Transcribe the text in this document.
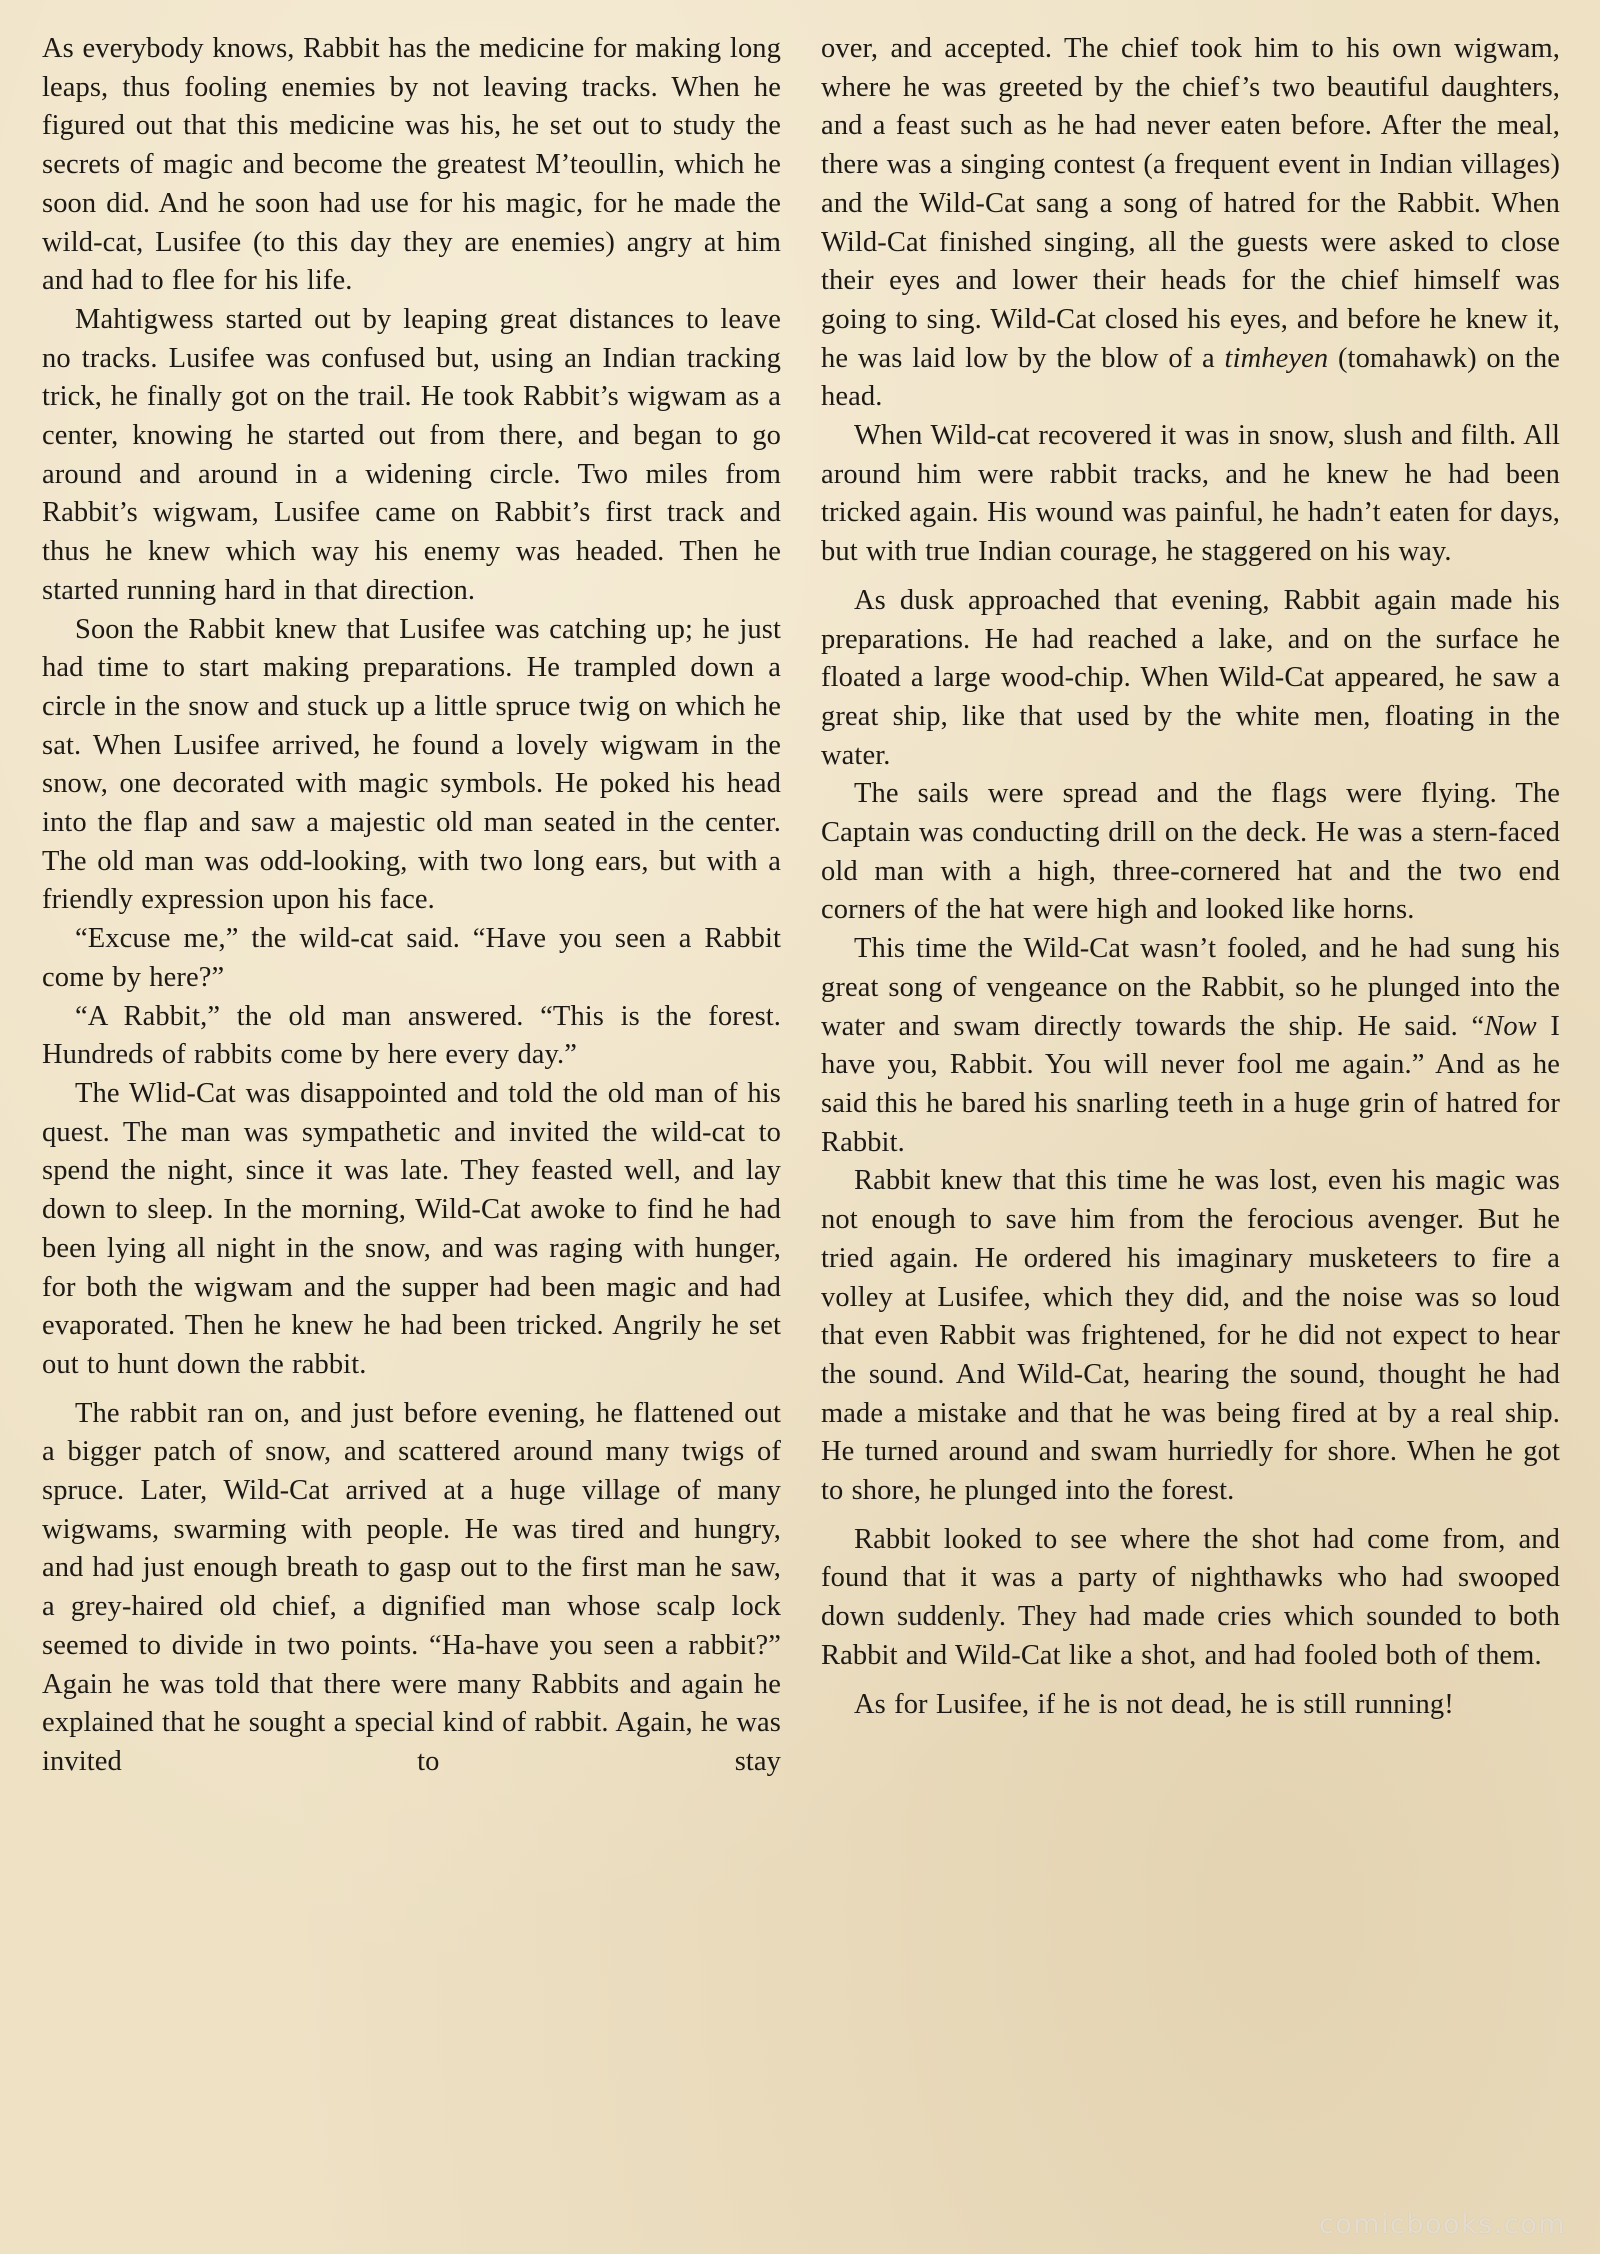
As everybody knows, Rabbit has the medicine for making long leaps, thus fooling enemies by not leaving tracks. When he figured out that this medicine was his, he set out to study the secrets of magic and become the greatest M’teoullin, which he soon did. And he soon had use for his magic, for he made the wild-cat, Lusifee (to this day they are enemies) angry at him and had to flee for his life.

Mahtigwess started out by leaping great distances to leave no tracks. Lusifee was confused but, using an Indian tracking trick, he finally got on the trail. He took Rabbit’s wigwam as a center, knowing he started out from there, and began to go around and around in a widening circle. Two miles from Rabbit’s wigwam, Lusifee came on Rabbit’s first track and thus he knew which way his enemy was headed. Then he started running hard in that direction.

Soon the Rabbit knew that Lusifee was catching up; he just had time to start making preparations. He trampled down a circle in the snow and stuck up a little spruce twig on which he sat. When Lusifee arrived, he found a lovely wigwam in the snow, one decorated with magic symbols. He poked his head into the flap and saw a majestic old man seated in the center. The old man was odd-looking, with two long ears, but with a friendly expression upon his face.

“Excuse me,” the wild-cat said. “Have you seen a Rabbit come by here?”

“A Rabbit,” the old man answered. “This is the forest. Hundreds of rabbits come by here every day.”

The Wlid-Cat was disappointed and told the old man of his quest. The man was sympathetic and invited the wild-cat to spend the night, since it was late. They feasted well, and lay down to sleep. In the morning, Wild-Cat awoke to find he had been lying all night in the snow, and was raging with hunger, for both the wigwam and the supper had been magic and had evaporated. Then he knew he had been tricked. Angrily he set out to hunt down the rabbit.

The rabbit ran on, and just before evening, he flattened out a bigger patch of snow, and scattered around many twigs of spruce. Later, Wild-Cat arrived at a huge village of many wigwams, swarming with people. He was tired and hungry, and had just enough breath to gasp out to the first man he saw, a grey-haired old chief, a dignified man whose scalp lock seemed to divide in two points. “Ha-have you seen a rabbit?” Again he was told that there were many Rabbits and again he explained that he sought a special kind of rabbit. Again, he was invited to stay

over, and accepted. The chief took him to his own wigwam, where he was greeted by the chief’s two beautiful daughters, and a feast such as he had never eaten before. After the meal, there was a singing contest (a frequent event in Indian villages) and the Wild-Cat sang a song of hatred for the Rabbit. When Wild-Cat finished singing, all the guests were asked to close their eyes and lower their heads for the chief himself was going to sing. Wild-Cat closed his eyes, and before he knew it, he was laid low by the blow of a timheyen (tomahawk) on the head.

When Wild-cat recovered it was in snow, slush and filth. All around him were rabbit tracks, and he knew he had been tricked again. His wound was painful, he hadn’t eaten for days, but with true Indian courage, he staggered on his way.

As dusk approached that evening, Rabbit again made his preparations. He had reached a lake, and on the surface he floated a large wood-chip. When Wild-Cat appeared, he saw a great ship, like that used by the white men, floating in the water.

The sails were spread and the flags were flying. The Captain was conducting drill on the deck. He was a stern-faced old man with a high, three-cornered hat and the two end corners of the hat were high and looked like horns.

This time the Wild-Cat wasn’t fooled, and he had sung his great song of vengeance on the Rabbit, so he plunged into the water and swam directly towards the ship. He said. “Now I have you, Rabbit. You will never fool me again.” And as he said this he bared his snarling teeth in a huge grin of hatred for Rabbit.

Rabbit knew that this time he was lost, even his magic was not enough to save him from the ferocious avenger. But he tried again. He ordered his imaginary musketeers to fire a volley at Lusifee, which they did, and the noise was so loud that even Rabbit was frightened, for he did not expect to hear the sound. And Wild-Cat, hearing the sound, thought he had made a mistake and that he was being fired at by a real ship. He turned around and swam hurriedly for shore. When he got to shore, he plunged into the forest.

Rabbit looked to see where the shot had come from, and found that it was a party of nighthawks who had swooped down suddenly. They had made cries which sounded to both Rabbit and Wild-Cat like a shot, and had fooled both of them.

As for Lusifee, if he is not dead, he is still running!

comicbooks.com
